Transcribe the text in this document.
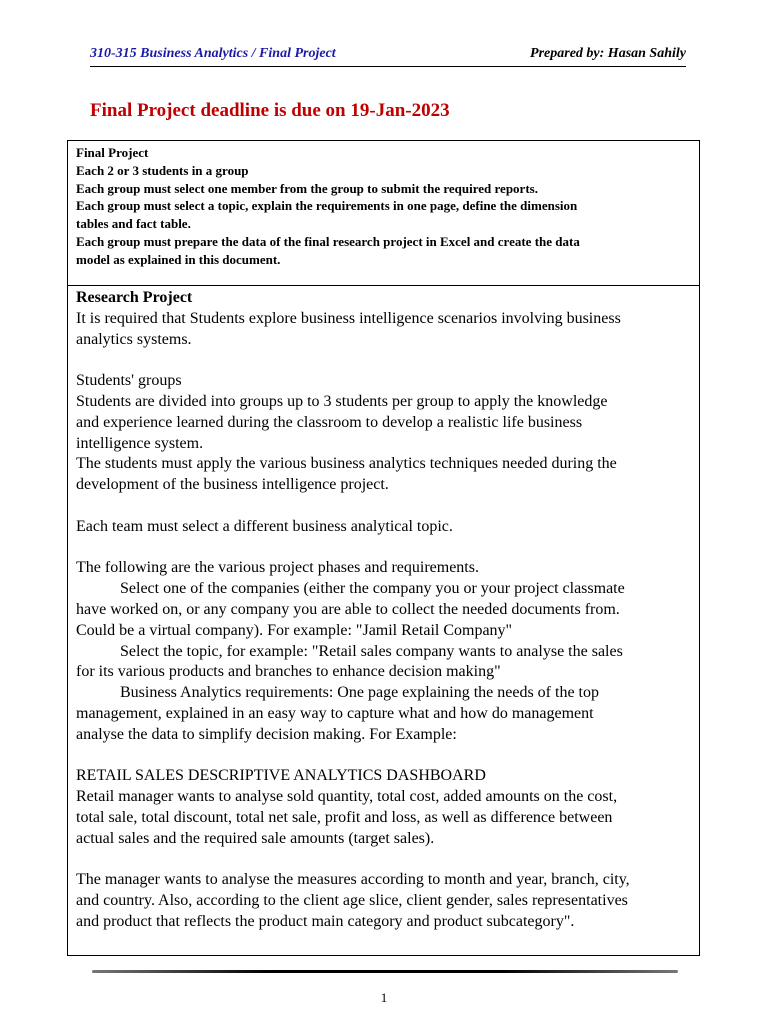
310-315 Business Analytics / Final Project	Prepared by: Hasan Sahily
Final Project deadline is due on 19-Jan-2023
Final Project
Each 2 or 3 students in a group
Each group must select one member from the group to submit the required reports.
Each group must select a topic, explain the requirements in one page, define the dimension
tables and fact table.
Each group must prepare the data of the final research project in Excel and create the data
model as explained in this document.
Research Project
It is required that Students explore business intelligence scenarios involving business
analytics systems.
Students' groups
Students are divided into groups up to 3 students per group to apply the knowledge
and experience learned during the classroom to develop a realistic life business
intelligence system.
The students must apply the various business analytics techniques needed during the
development of the business intelligence project.
Each team must select a different business analytical topic.
The following are the various project phases and requirements.
Select one of the companies (either the company you or your project classmate
have worked on, or any company you are able to collect the needed documents from.
Could be a virtual company). For example: "Jamil Retail Company"
Select the topic, for example: "Retail sales company wants to analyse the sales
for its various products and branches to enhance decision making"
Business Analytics requirements: One page explaining the needs of the top
management, explained in an easy way to capture what and how do management
analyse the data to simplify decision making. For Example:
RETAIL SALES DESCRIPTIVE ANALYTICS DASHBOARD
Retail manager wants to analyse sold quantity, total cost, added amounts on the cost,
total sale, total discount, total net sale, profit and loss, as well as difference between
actual sales and the required sale amounts (target sales).
The manager wants to analyse the measures according to month and year, branch, city,
and country. Also, according to the client age slice, client gender, sales representatives
and product that reflects the product main category and product subcategory".
1
